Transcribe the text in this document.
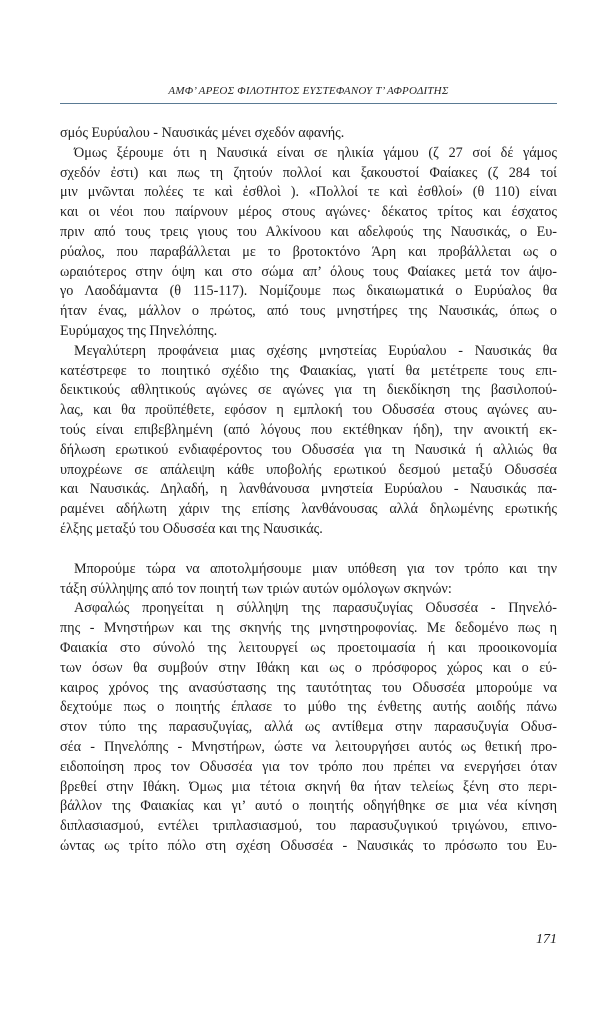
ΑΜΦ’ ΑΡΕΟΣ ΦΙΛΟΤΗΤΟΣ ΕΥΣΤΕΦΑΝΟΥ Τ’ ΑΦΡΟΔΙΤΗΣ
σμός Ευρύαλου - Ναυσικάς μένει σχεδόν αφανής.
Όμως ξέρουμε ότι η Ναυσικά είναι σε ηλικία γάμου (ζ 27 σοί δέ γάμος
σχεδόν ἐστι) και πως τη ζητούν πολλοί και ξακουστοί Φαίακες (ζ 284 τοί
μιν μνῶνται πολέες τε καὶ ἐσθλοὶ ). «Πολλοί τε καὶ ἐσθλοί» (θ 110) είναι
και οι νέοι που παίρνουν μέρος στους αγώνες· δέκατος τρίτος και έσχατος
πριν από τους τρεις γιους του Αλκίνοου και αδελφούς της Ναυσικάς, ο Ευ-
ρύαλος, που παραβάλλεται με το βροτοκτόνο Άρη και προβάλλεται ως ο
ωραιότερος στην όψη και στο σώμα απ’ όλους τους Φαίακες μετά τον άψο-
γο Λαοδάμαντα (θ 115-117). Νομίζουμε πως δικαιωματικά ο Ευρύαλος θα
ήταν ένας, μάλλον ο πρώτος, από τους μνηστήρες της Ναυσικάς, όπως ο
Ευρύμαχος της Πηνελόπης.
Μεγαλύτερη προφάνεια μιας σχέσης μνηστείας Ευρύαλου - Ναυσικάς θα
κατέστρεφε το ποιητικό σχέδιο της Φαιακίας, γιατί θα μετέτρεπε τους επι-
δεικτικούς αθλητικούς αγώνες σε αγώνες για τη διεκδίκηση της βασιλοπού-
λας, και θα προϋπέθετε, εφόσον η εμπλοκή του Οδυσσέα στους αγώνες αυ-
τούς είναι επιβεβλημένη (από λόγους που εκτέθηκαν ήδη), την ανοικτή εκ-
δήλωση ερωτικού ενδιαφέροντος του Οδυσσέα για τη Ναυσικά ή αλλιώς θα
υποχρέωνε σε απάλειψη κάθε υποβολής ερωτικού δεσμού μεταξύ Οδυσσέα
και Ναυσικάς. Δηλαδή, η λανθάνουσα μνηστεία Ευρύαλου - Ναυσικάς πα-
ραμένει αδήλωτη χάριν της επίσης λανθάνουσας αλλά δηλωμένης ερωτικής
έλξης μεταξύ του Οδυσσέα και της Ναυσικάς.
Μπορούμε τώρα να αποτολμήσουμε μιαν υπόθεση για τον τρόπο και την
τάξη σύλληψης από τον ποιητή των τριών αυτών ομόλογων σκηνών:
Ασφαλώς προηγείται η σύλληψη της παρασυζυγίας Οδυσσέα - Πηνελό-
πης - Μνηστήρων και της σκηνής της μνηστηροφονίας. Με δεδομένο πως η
Φαιακία στο σύνολό της λειτουργεί ως προετοιμασία ή και προοικονομία
των όσων θα συμβούν στην Ιθάκη και ως ο πρόσφορος χώρος και ο εύ-
καιρος χρόνος της ανασύστασης της ταυτότητας του Οδυσσέα μπορούμε να
δεχτούμε πως ο ποιητής έπλασε το μύθο της ένθετης αυτής αοιδής πάνω
στον τύπο της παρασυζυγίας, αλλά ως αντίθεμα στην παρασυζυγία Οδυσ-
σέα - Πηνελόπης - Μνηστήρων, ώστε να λειτουργήσει αυτός ως θετική προ-
ειδοποίηση προς τον Οδυσσέα για τον τρόπο που πρέπει να ενεργήσει όταν
βρεθεί στην Ιθάκη. Όμως μια τέτοια σκηνή θα ήταν τελείως ξένη στο περι-
βάλλον της Φαιακίας και γι’ αυτό ο ποιητής οδηγήθηκε σε μια νέα κίνηση
διπλασιασμού, εντέλει τριπλασιασμού, του παρασυζυγικού τριγώνου, επινο-
ώντας ως τρίτο πόλο στη σχέση Οδυσσέα - Ναυσικάς το πρόσωπο του Ευ-
171
